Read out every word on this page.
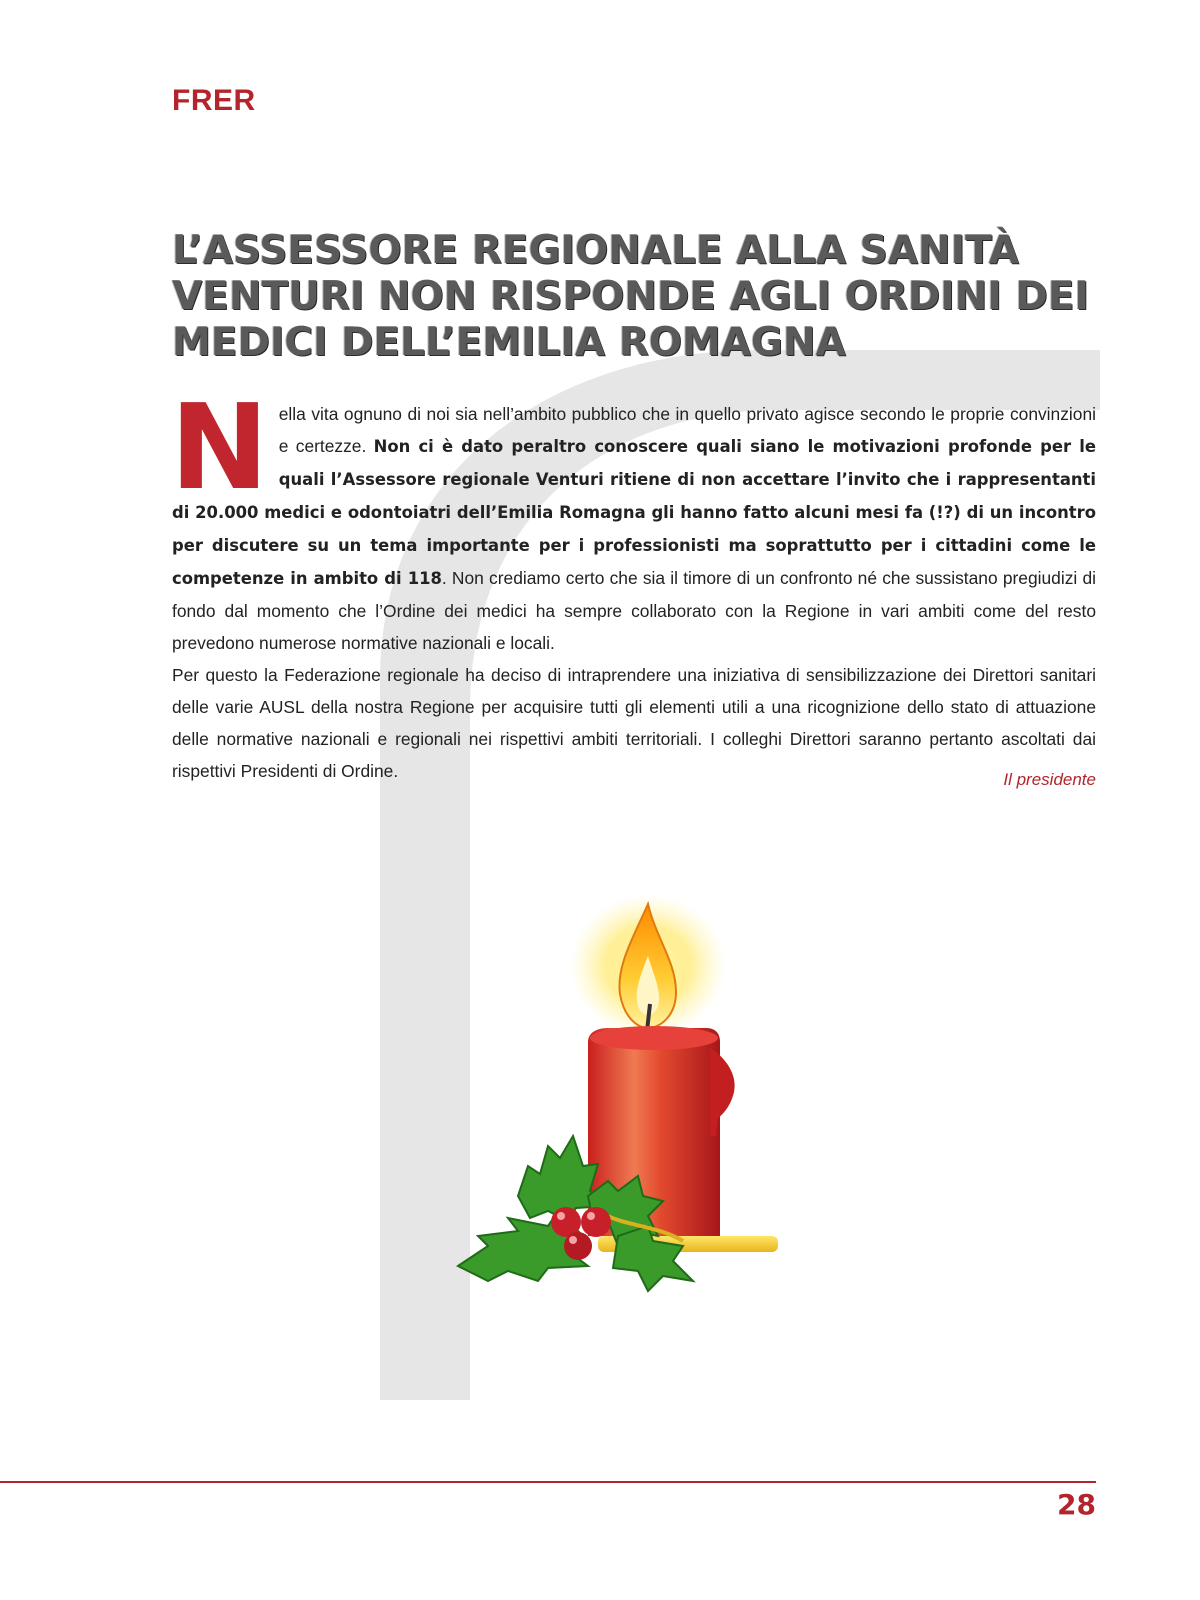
FRER
L’ASSESSORE REGIONALE ALLA SANITÀ
VENTURI NON RISPONDE AGLI ORDINI DEI
MEDICI DELL’EMILIA ROMAGNA

Nella vita ognuno di noi sia nell’ambito pubblico che in quello privato agisce secondo le proprie convinzioni e certezze. Non ci è dato peraltro conoscere quali siano le motivazioni profonde per le quali l’Assessore regionale Venturi ritiene di non accettare l’invito che i rappresentanti di 20.000 medici e odontoiatri dell’Emilia Romagna gli hanno fatto alcuni mesi fa (!?) di un incontro per discutere su un tema importante per i professionisti ma soprattutto per i cittadini come le competenze in ambito di 118. Non crediamo certo che sia il timore di un confronto né che sussistano pregiudizi di fondo dal momento che l’Ordine dei medici ha sempre collaborato con la Regione in vari ambiti come del resto prevedono numerose normative nazionali e locali.

Per questo la Federazione regionale ha deciso di intraprendere una iniziativa di sensibilizzazione dei Direttori sanitari delle varie AUSL della nostra Regione per acquisire tutti gli elementi utili a una ricognizione dello stato di attuazione delle normative nazionali e regionali nei rispettivi ambiti territoriali. I colleghi Direttori saranno pertanto ascoltati dai rispettivi Presidenti di Ordine.	Il presidente
28
